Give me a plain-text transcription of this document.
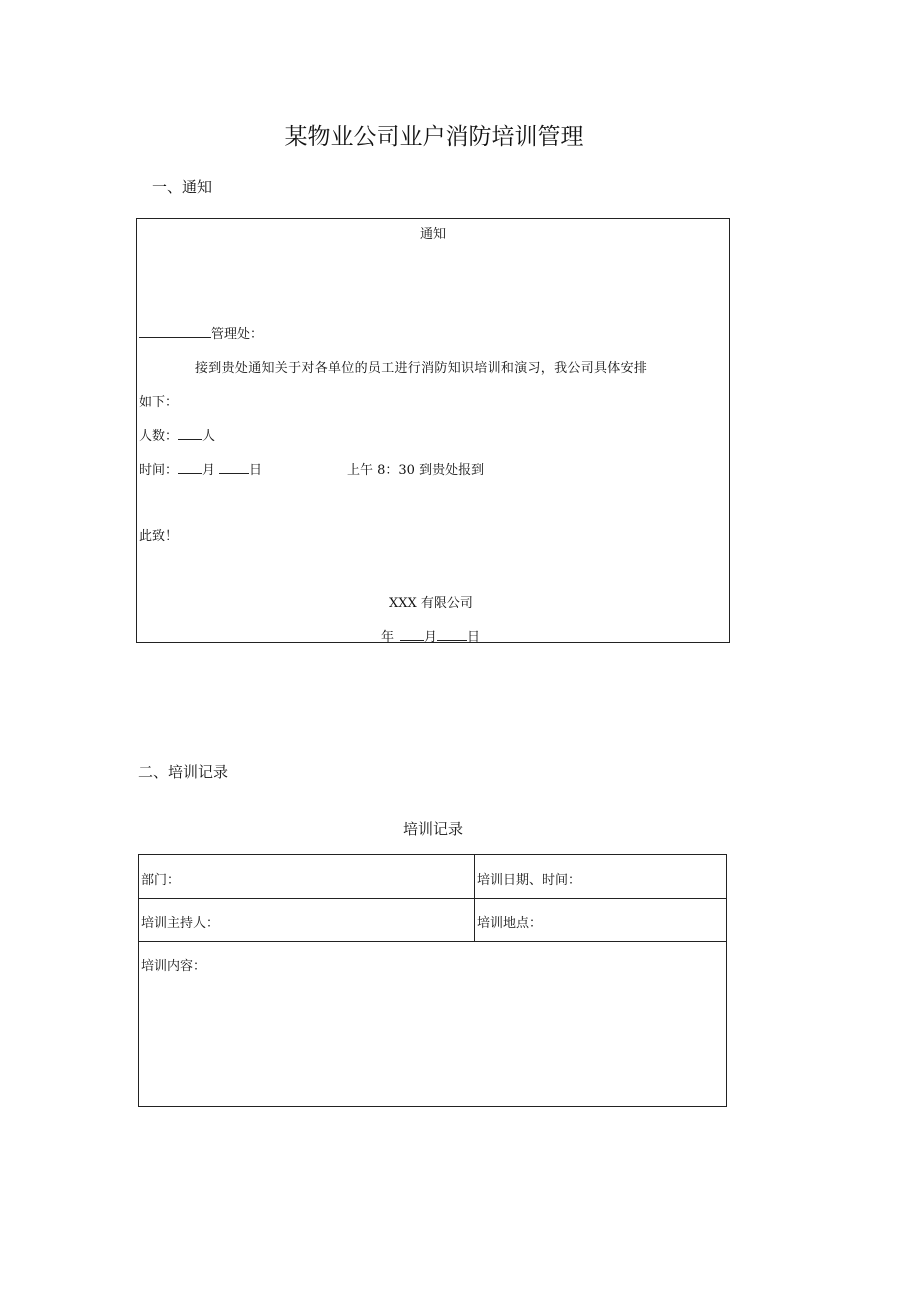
某物业公司业户消防培训管理
一、通知
通知
管理处：
接到贵处通知关于对各单位的员工进行消防知识培训和演习，我公司具体安排
如下：
人数： 人
时间： 月	日	上午 8：30 到贵处报到
此致！
XXX 有限公司
年 月 日
二、培训记录
培训记录
部门：	培训日期、时间：
培训主持人：	培训地点：
培训内容：
